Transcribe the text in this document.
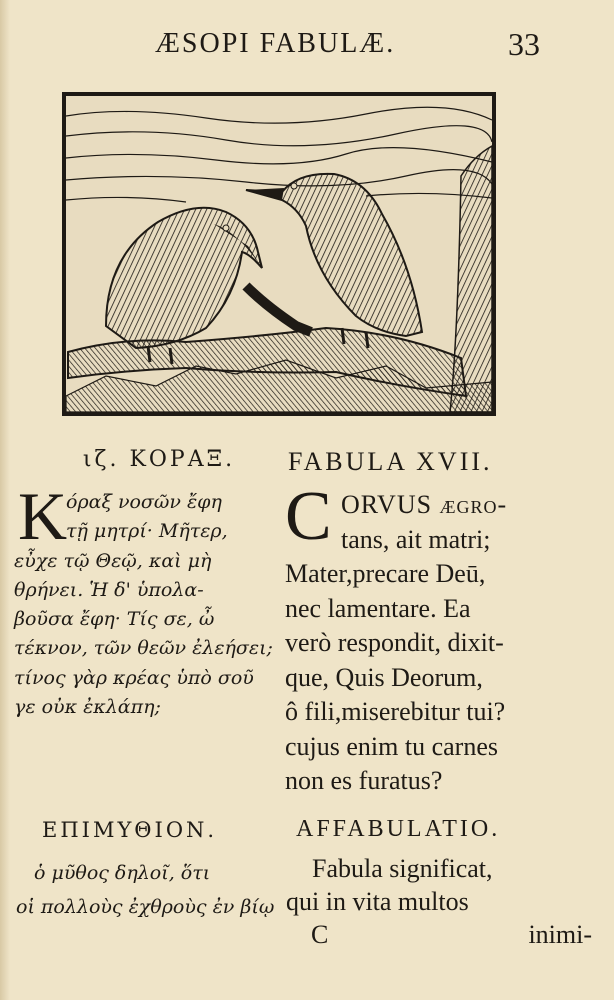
ÆSOPI FABULÆ.	33
ιζ. ΚΟΡΑΞ.	FABULA XVII.
Κ
όραξ νοσῶν ἔφη
τῇ μητρί· Μῆτερ,
εὖχε τῷ Θεῷ, καὶ μὴ
θρήνει. Ἡ δ' ὑπολα-
βοῦσα ἔφη· Τίς σε, ὦ
τέκνον, τῶν θεῶν ἐλεήσει;
τίνος γὰρ κρέας ὑπὸ σοῦ
γε οὐκ ἐκλάπη;
C ORVUS ægro-
tans, ait matri;
Mater,precare Deū,
nec lamentare. Ea
verò respondit, dixit-
que, Quis Deorum,
ô fili,miserebitur tui?
cujus enim tu carnes
non es furatus?
ΕΠΙΜΥΘΙΟΝ.	AFFABULATIO.
ὁ μῦθος δηλοῖ, ὅτι
οἱ πολλοὺς ἐχθροὺς ἐν βίῳ
Fabula significat,
qui in vita multos
C	inimi-
